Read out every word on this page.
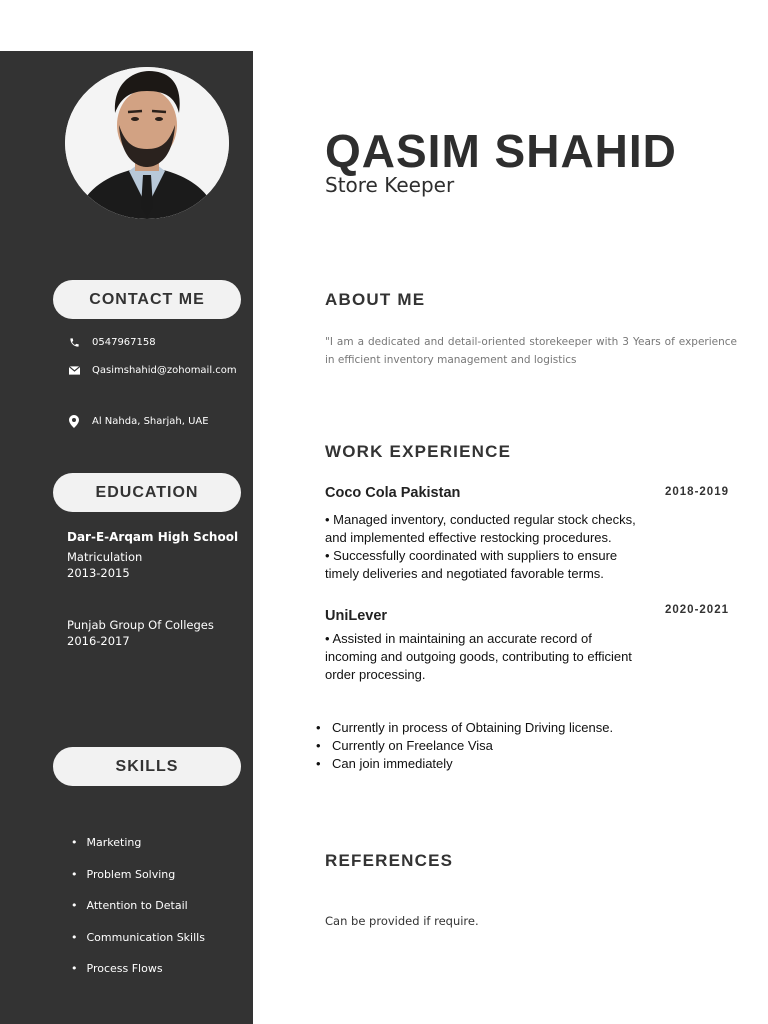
CONTACT ME
0547967158
Qasimshahid@zohomail.com
Al Nahda, Sharjah, UAE
EDUCATION
Dar-E-Arqam High School
Matriculation
2013-2015
Punjab Group Of Colleges
2016-2017
SKILLS
• Marketing
• Problem Solving
• Attention to Detail
• Communication Skills
• Process Flows
QASIM SHAHID
Store Keeper
ABOUT ME
"I am a dedicated and detail-oriented storekeeper with 3 Years of experience in efficient inventory management and logistics
WORK EXPERIENCE
Coco Cola Pakistan	2018-2019
• Managed inventory, conducted regular stock checks, and implemented effective restocking procedures.
• Successfully coordinated with suppliers to ensure timely deliveries and negotiated favorable terms.
UniLever	2020-2021
• Assisted in maintaining an accurate record of incoming and outgoing goods, contributing to efficient order processing.
• Currently in process of Obtaining Driving license.
• Currently on Freelance Visa
• Can join immediately
REFERENCES
Can be provided if require.
